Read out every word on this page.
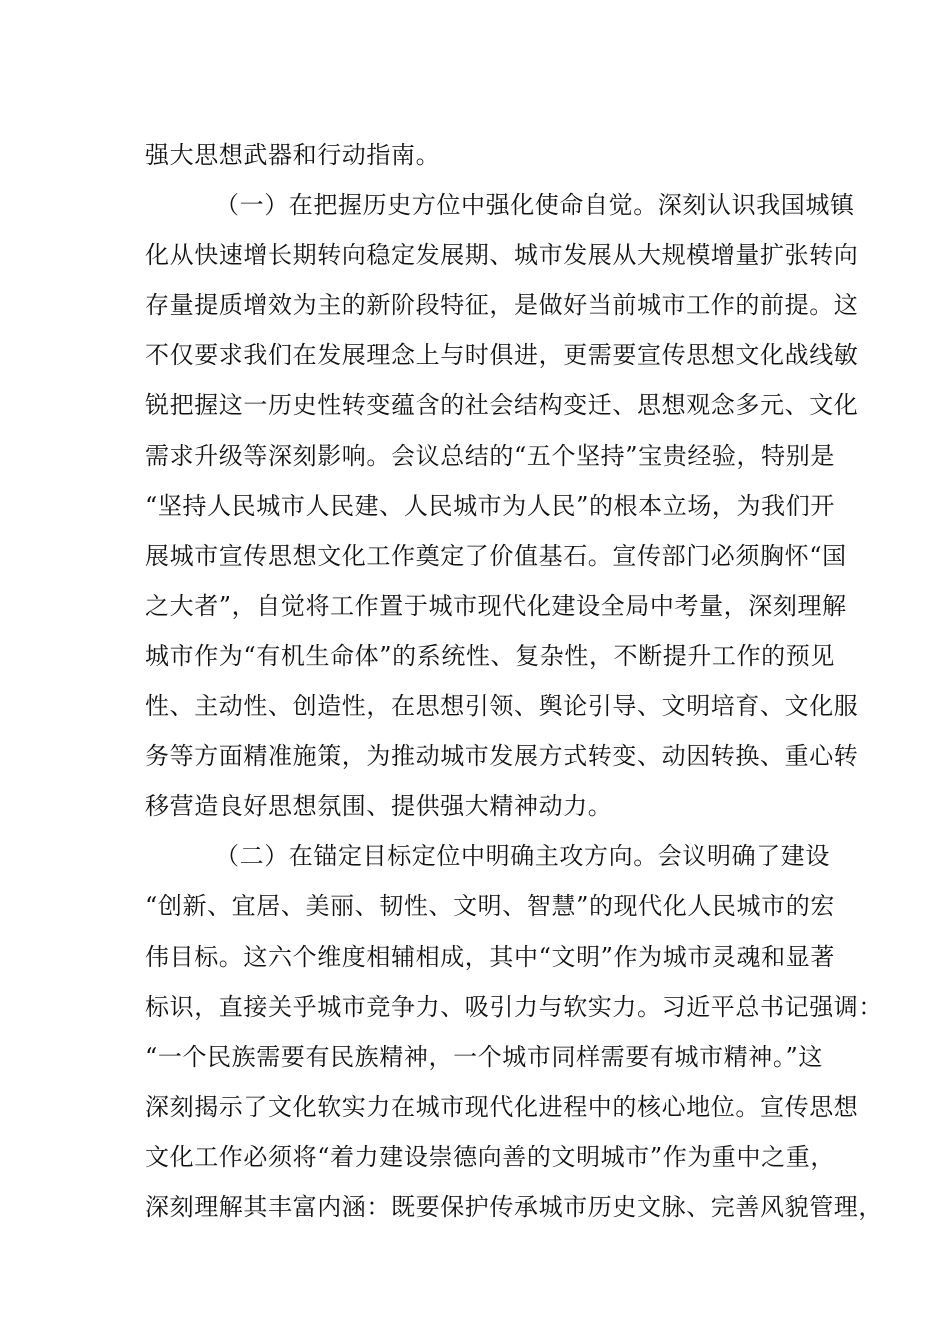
强大思想武器和行动指南。
（一）在把握历史方位中强化使命自觉。深刻认识我国城镇
化从快速增长期转向稳定发展期、城市发展从大规模增量扩张转向
存量提质增效为主的新阶段特征，是做好当前城市工作的前提。这
不仅要求我们在发展理念上与时俱进，更需要宣传思想文化战线敏
锐把握这一历史性转变蕴含的社会结构变迁、思想观念多元、文化
需求升级等深刻影响。会议总结的“五个坚持”宝贵经验，特别是
“坚持人民城市人民建、人民城市为人民”的根本立场，为我们开
展城市宣传思想文化工作奠定了价值基石。宣传部门必须胸怀“国
之大者”，自觉将工作置于城市现代化建设全局中考量，深刻理解
城市作为“有机生命体”的系统性、复杂性，不断提升工作的预见
性、主动性、创造性，在思想引领、舆论引导、文明培育、文化服
务等方面精准施策，为推动城市发展方式转变、动因转换、重心转
移营造良好思想氛围、提供强大精神动力。
（二）在锚定目标定位中明确主攻方向。会议明确了建设
“创新、宜居、美丽、韧性、文明、智慧”的现代化人民城市的宏
伟目标。这六个维度相辅相成，其中“文明”作为城市灵魂和显著
标识，直接关乎城市竞争力、吸引力与软实力。习近平总书记强调：
“一个民族需要有民族精神，一个城市同样需要有城市精神。”这
深刻揭示了文化软实力在城市现代化进程中的核心地位。宣传思想
文化工作必须将“着力建设崇德向善的文明城市”作为重中之重，
深刻理解其丰富内涵：既要保护传承城市历史文脉、完善风貌管理，
